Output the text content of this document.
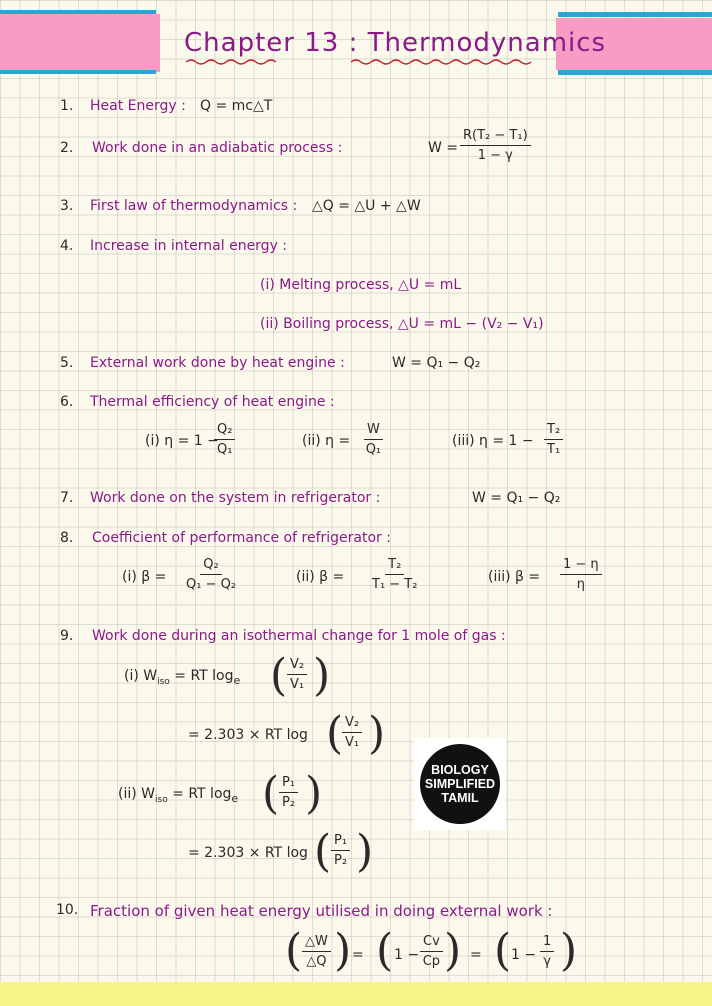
Chapter 13 : Thermodynamics
1. Heat Energy : Q = mc△T
2. Work done in an adiabatic process :	$W = \frac{\text{R(T₂ − T₁)}}{1 - \gamma}$
3. First law of thermodynamics : △Q = △U + △W
4. Increase in internal energy :
(i) Melting process, △U = mL
(ii) Boiling process, △U = mL − (V₂ − V₁)
5. External work done by heat engine :	W = Q₁ − Q₂
6. Thermal efficiency of heat engine :
(i) η = 1 −
$\frac{\text{Q₂}}{\text{Q₁}}$	(ii) $\eta = \frac{W}{\text{Q₁}}$	(iii) $\eta = 1 - \frac{\text{T₂}}{\text{T₁}}$
7. Work done on the system in refrigerator :	W = Q₁ − Q₂
8. Coefficient of performance of refrigerator :
(i) $\beta = \frac{\text{Q₂}}{\text{Q₁ − Q₂}}$	(ii) $\beta = \frac{\text{T₂}}{\text{T₁ − T₂}}$	(iii) $\beta = \frac{1 - \eta}{\eta}$
9. Work done during an isothermal change for 1 mole of gas :
(i) $W_{iso}$ = RT $\log_e$ ( $\frac{\text{V₂}}{\text{V₁}}$ )
= 2.303 × RT log (
$\frac{\text{V₂}}{\text{V₁}}$ )
(ii) $W_{iso}$ = RT $\log_e$ ( $\frac{\text{P₁}}{\text{P₂}}$ )
= 2.303 × RT log ( $\frac{\text{P₁}}{\text{P₂}}$ )
BIOLOGY
SIMPLIFIED
TAMIL
10. Fraction of given heat energy utilised in doing external work :
( $\frac{\triangle W}{\triangle Q}$ ) = ( $1 - \frac{Cv}{Cp}$ ) = ( $1 - \frac{1}{\gamma}$ )
